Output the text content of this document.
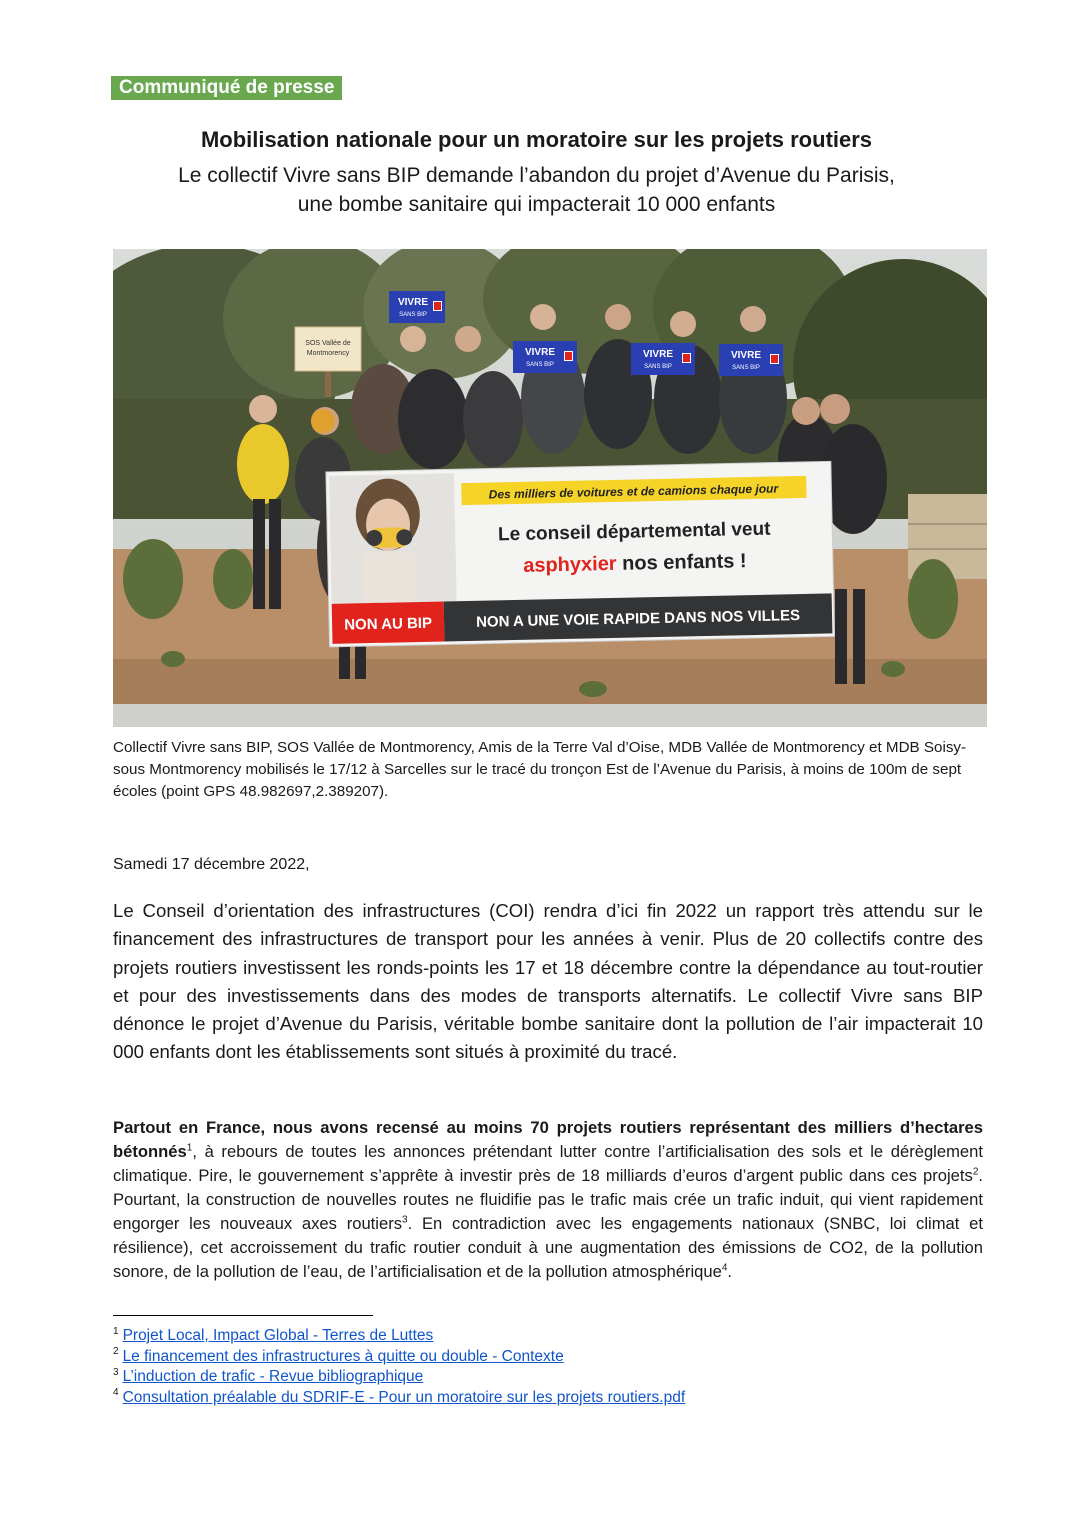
Communiqué de presse
Mobilisation nationale pour un moratoire sur les projets routiers
Le collectif Vivre sans BIP demande l’abandon du projet d’Avenue du Parisis,
une bombe sanitaire qui impacterait 10 000 enfants
SOS Vallée de
Montmorency
VIVRE
SANS BIP
VIVRE
SANS BIP
VIVRE
SANS BIP
VIVRE
SANS BIP
Des milliers de voitures et de camions chaque jour
Le conseil départemental veut
asphyxier nos enfants !
NON AU BIP	NON A UNE VOIE RAPIDE DANS NOS VILLES
Collectif Vivre sans BIP, SOS Vallée de Montmorency, Amis de la Terre Val d’Oise, MDB Vallée de Montmorency et MDB Soisy-sous Montmorency mobilisés le 17/12 à Sarcelles sur le tracé du tronçon Est de l’Avenue du Parisis, à moins de 100m de sept écoles (point GPS 48.982697,2.389207).
Samedi 17 décembre 2022,
Le Conseil d’orientation des infrastructures (COI) rendra d’ici fin 2022 un rapport très attendu sur le financement des infrastructures de transport pour les années à venir. Plus de 20 collectifs contre des projets routiers investissent les ronds-points les 17 et 18 décembre contre la dépendance au tout-routier et pour des investissements dans des modes de transports alternatifs. Le collectif Vivre sans BIP dénonce le projet d’Avenue du Parisis, véritable bombe sanitaire dont la pollution de l’air impacterait 10 000 enfants dont les établissements sont situés à proximité du tracé.
Partout en France, nous avons recensé au moins 70 projets routiers représentant des milliers d’hectares bétonnés$^1$, à rebours de toutes les annonces prétendant lutter contre l’artificialisation des sols et le dérèglement climatique. Pire, le gouvernement s’apprête à investir près de 18 milliards d’euros d’argent public dans ces projets$^2$. Pourtant, la construction de nouvelles routes ne fluidifie pas le trafic mais crée un trafic induit, qui vient rapidement engorger les nouveaux axes routiers$^3$. En contradiction avec les engagements nationaux (SNBC, loi climat et résilience), cet accroissement du trafic routier conduit à une augmentation des émissions de CO2, de la pollution sonore, de la pollution de l’eau, de l’artificialisation et de la pollution atmosphérique$^4$.
$^1$ Projet Local, Impact Global - Terres de Luttes
$^2$ Le financement des infrastructures à quitte ou double - Contexte
$^3$ L’induction de trafic - Revue bibliographique
$^4$ Consultation préalable du SDRIF-E - Pour un moratoire sur les projets routiers.pdf
